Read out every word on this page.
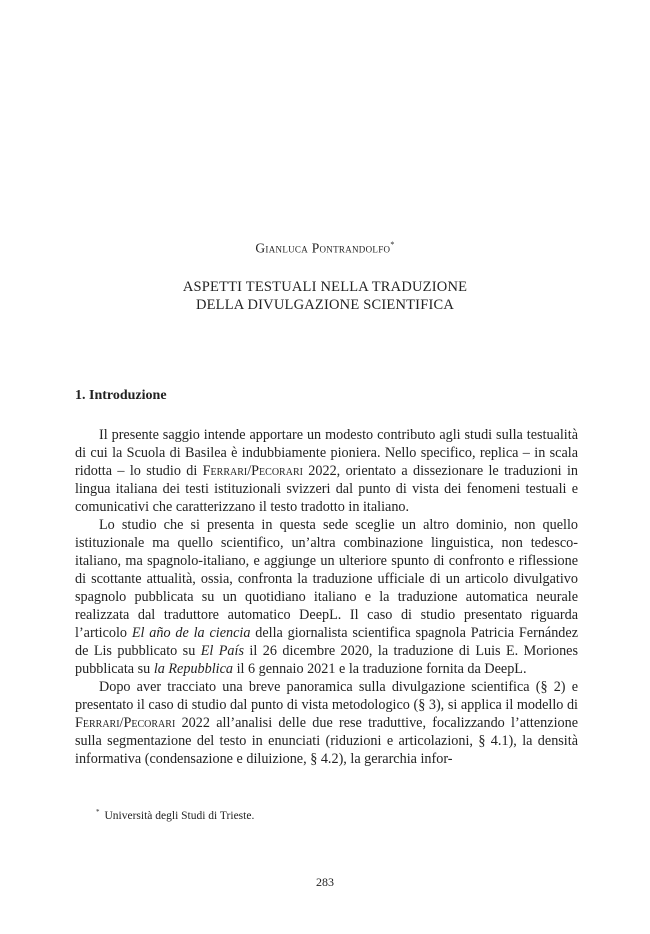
Gianluca Pontrandolfo*
ASPETTI TESTUALI NELLA TRADUZIONE
DELLA DIVULGAZIONE SCIENTIFICA
1. Introduzione

Il presente saggio intende apportare un modesto contributo agli studi sulla testualità di cui la Scuola di Basilea è indubbiamente pioniera. Nello specifico, replica – in scala ridotta – lo studio di Ferrari/Pecorari 2022, orientato a dissezionare le traduzioni in lingua italiana dei testi istituzionali svizzeri dal punto di vista dei fenomeni testuali e comunicativi che caratterizzano il testo tradotto in italiano.

Lo studio che si presenta in questa sede sceglie un altro dominio, non quello istituzionale ma quello scientifico, un’altra combinazione linguistica, non tedesco-italiano, ma spagnolo-italiano, e aggiunge un ulteriore spunto di confronto e riflessione di scottante attualità, ossia, confronta la traduzione ufficiale di un articolo divulgativo spagnolo pubblicata su un quotidiano italiano e la traduzione automatica neurale realizzata dal traduttore automatico DeepL. Il caso di studio presentato riguarda l’articolo El año de la ciencia della giornalista scientifica spagnola Patricia Fernández de Lis pubblicato su El País il 26 dicembre 2020, la traduzione di Luis E. Moriones pubblicata su la Repubblica il 6 gennaio 2021 e la traduzione fornita da DeepL.

Dopo aver tracciato una breve panoramica sulla divulgazione scientifica (§ 2) e presentato il caso di studio dal punto di vista metodologico (§ 3), si applica il modello di Ferrari/Pecorari 2022 all’analisi delle due rese traduttive, focalizzando l’attenzione sulla segmentazione del testo in enunciati (riduzioni e articolazioni, § 4.1), la densità informativa (condensazione e diluizione, § 4.2), la gerarchia infor-

* Università degli Studi di Trieste.
283
